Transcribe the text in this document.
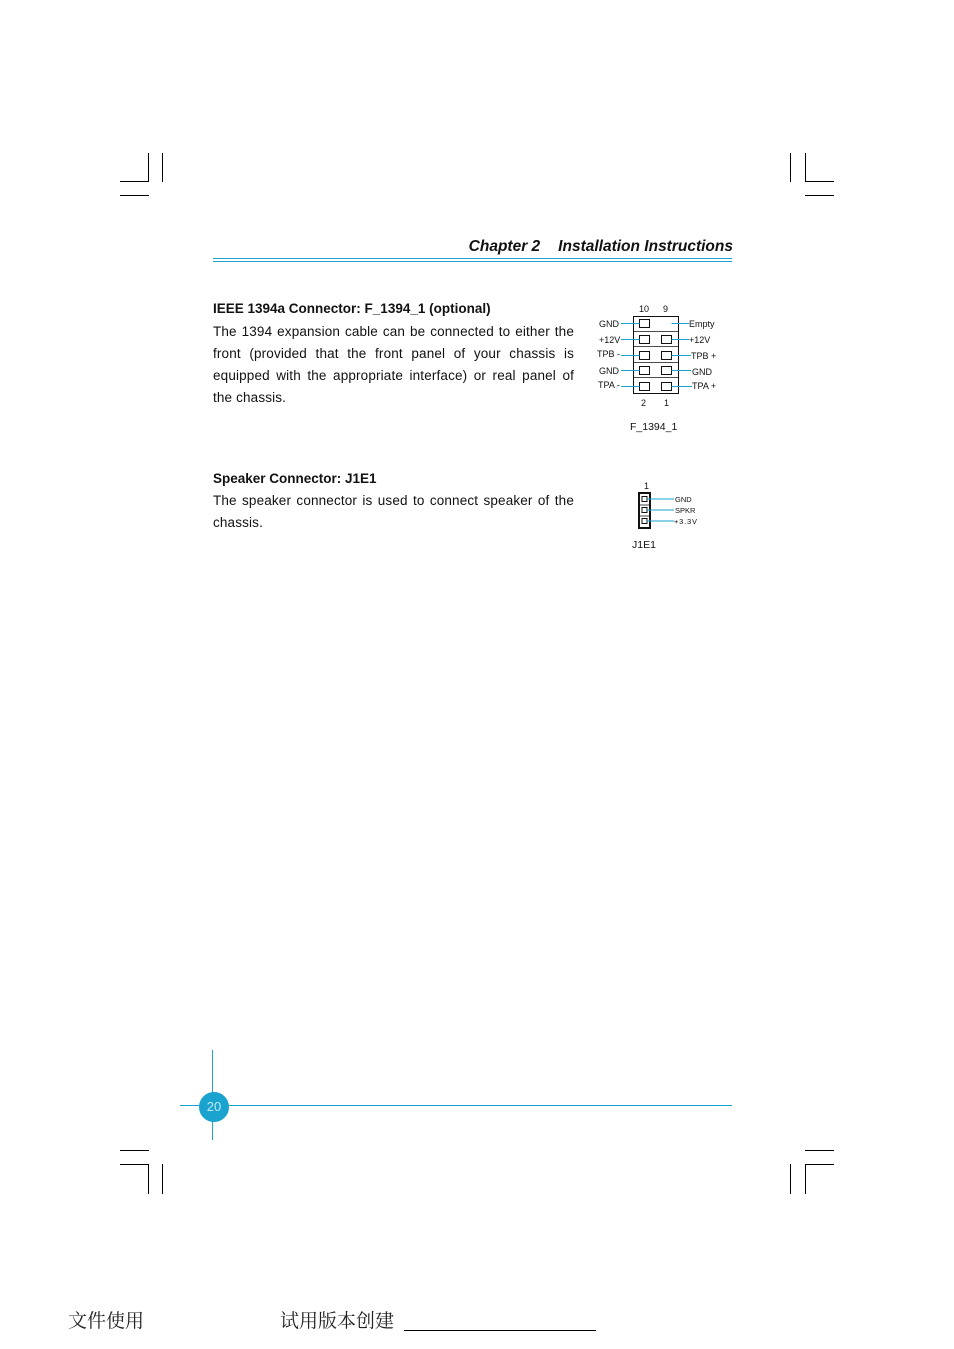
Chapter 2 Installation Instructions
IEEE 1394a Connector: F_1394_1 (optional)
The 1394 expansion cable can be connected to either the front (provided that the front panel of your chassis is equipped with the appropriate interface) or real panel of the chassis.
10 9
GND
+12V
TPB -
GND
TPA -
Empty
+12V
TPB +
GND
TPA +
2 1
F_1394_1
Speaker Connector: J1E1
The speaker connector is used to connect speaker of the chassis.
1
GND
SPKR
+3.3V
J1E1
20
文件使用	试用版本创建
